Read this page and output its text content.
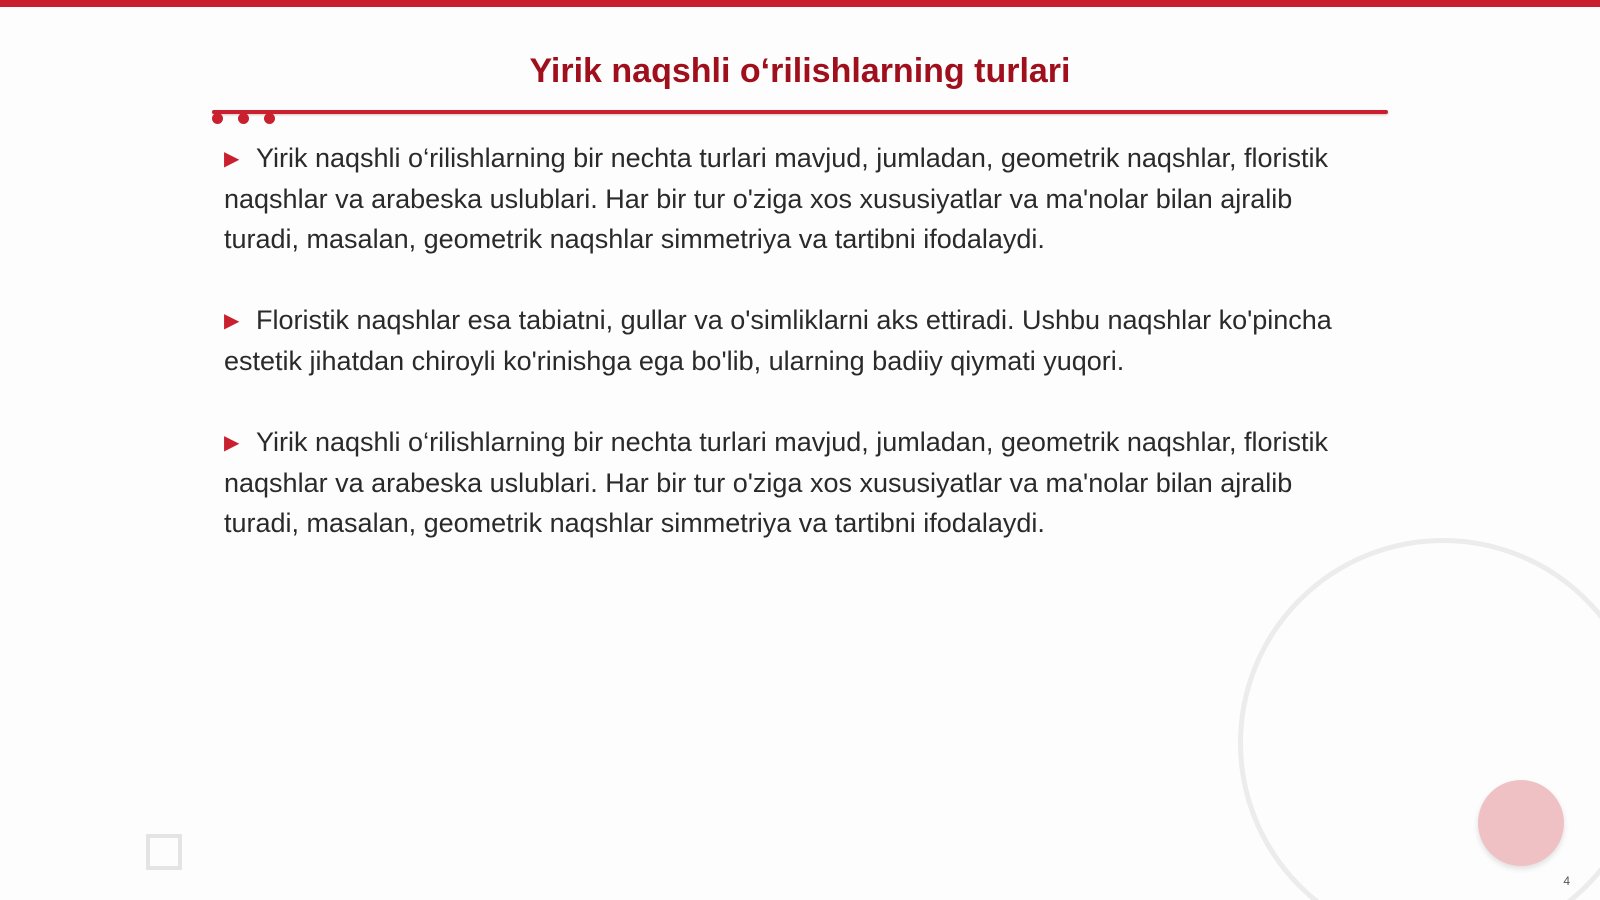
Yirik naqshli o‘rilishlarning turlari

▶ Yirik naqshli o‘rilishlarning bir nechta turlari mavjud, jumladan, geometrik naqshlar, floristik naqshlar va arabeska uslublari. Har bir tur o'ziga xos xususiyatlar va ma'nolar bilan ajralib turadi, masalan, geometrik naqshlar simmetriya va tartibni ifodalaydi.

▶ Floristik naqshlar esa tabiatni, gullar va o'simliklarni aks ettiradi. Ushbu naqshlar ko'pincha estetik jihatdan chiroyli ko'rinishga ega bo'lib, ularning badiiy qiymati yuqori.

▶ Yirik naqshli o‘rilishlarning bir nechta turlari mavjud, jumladan, geometrik naqshlar, floristik naqshlar va arabeska uslublari. Har bir tur o'ziga xos xususiyatlar va ma'nolar bilan ajralib turadi, masalan, geometrik naqshlar simmetriya va tartibni ifodalaydi.

4
